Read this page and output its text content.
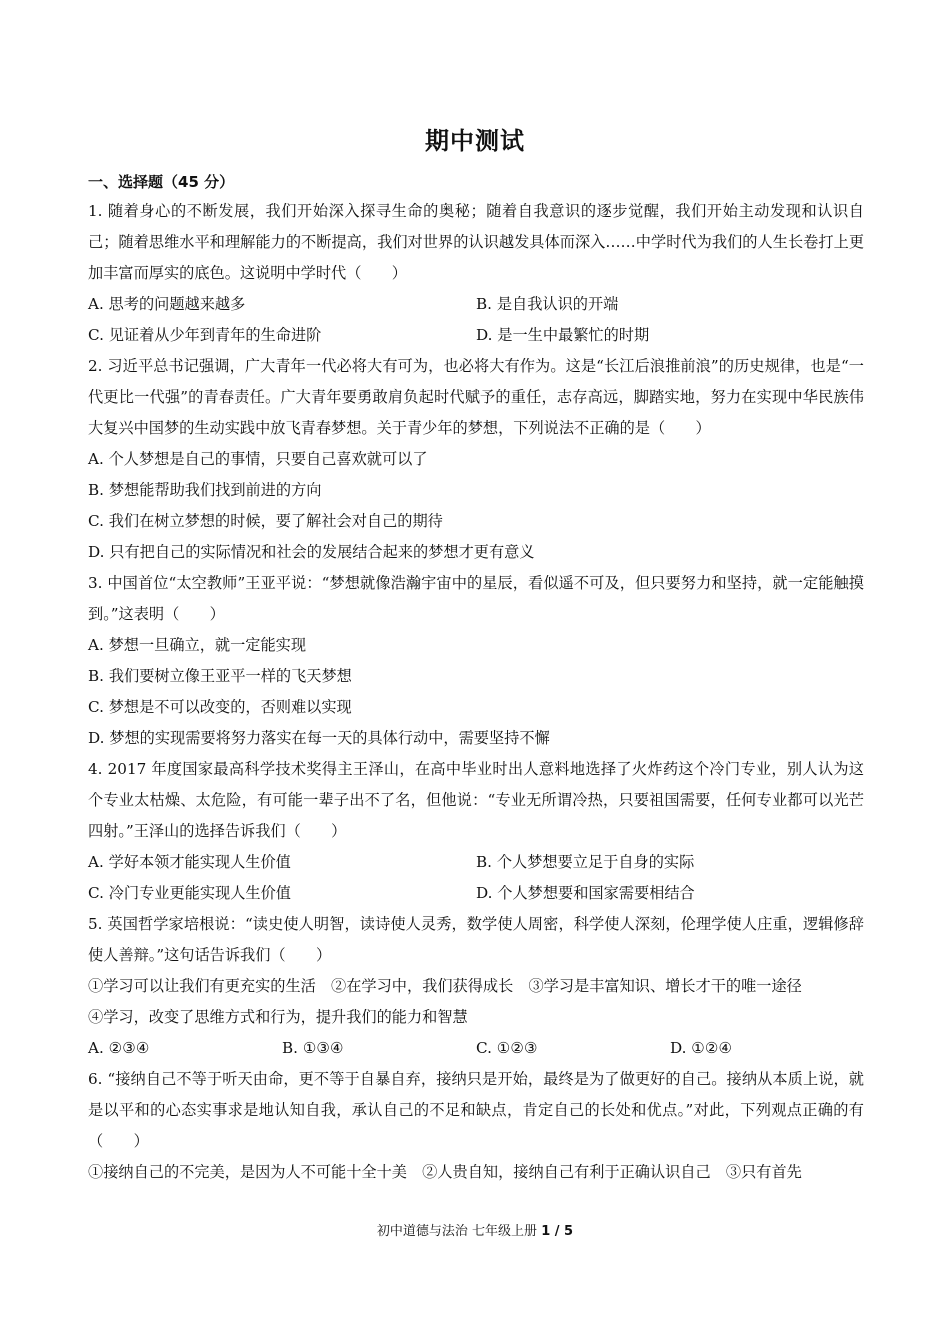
期中测试
一、选择题（45 分）
1. 随着身心的不断发展，我们开始深入探寻生命的奥秘；随着自我意识的逐步觉醒，我们开始主动发现和认识自己；随着思维水平和理解能力的不断提高，我们对世界的认识越发具体而深入……中学时代为我们的人生长卷打上更加丰富而厚实的底色。这说明中学时代（　　）
A. 思考的问题越来越多	B. 是自我认识的开端
C. 见证着从少年到青年的生命进阶	D. 是一生中最繁忙的时期
2. 习近平总书记强调，广大青年一代必将大有可为，也必将大有作为。这是“长江后浪推前浪”的历史规律，也是“一代更比一代强”的青春责任。广大青年要勇敢肩负起时代赋予的重任，志存高远，脚踏实地，努力在实现中华民族伟大复兴中国梦的生动实践中放飞青春梦想。关于青少年的梦想，下列说法不正确的是（　　）
A. 个人梦想是自己的事情，只要自己喜欢就可以了
B. 梦想能帮助我们找到前进的方向
C. 我们在树立梦想的时候，要了解社会对自己的期待
D. 只有把自己的实际情况和社会的发展结合起来的梦想才更有意义
3. 中国首位“太空教师”王亚平说：“梦想就像浩瀚宇宙中的星辰，看似遥不可及，但只要努力和坚持，就一定能触摸到。”这表明（　　）
A. 梦想一旦确立，就一定能实现
B. 我们要树立像王亚平一样的飞天梦想
C. 梦想是不可以改变的，否则难以实现
D. 梦想的实现需要将努力落实在每一天的具体行动中，需要坚持不懈
4. 2017 年度国家最高科学技术奖得主王泽山，在高中毕业时出人意料地选择了火炸药这个冷门专业，别人认为这个专业太枯燥、太危险，有可能一辈子出不了名，但他说：“专业无所谓冷热，只要祖国需要，任何专业都可以光芒四射。”王泽山的选择告诉我们（　　）
A. 学好本领才能实现人生价值	B. 个人梦想要立足于自身的实际
C. 冷门专业更能实现人生价值	D. 个人梦想要和国家需要相结合
5. 英国哲学家培根说：“读史使人明智，读诗使人灵秀，数学使人周密，科学使人深刻，伦理学使人庄重，逻辑修辞使人善辩。”这句话告诉我们（　　）
①学习可以让我们有更充实的生活　②在学习中，我们获得成长　③学习是丰富知识、增长才干的唯一途径
④学习，改变了思维方式和行为，提升我们的能力和智慧
A. ②③④	B. ①③④	C. ①②③	D. ①②④
6. “接纳自己不等于听天由命，更不等于自暴自弃，接纳只是开始，最终是为了做更好的自己。接纳从本质上说，就是以平和的心态实事求是地认知自我，承认自己的不足和缺点，肯定自己的长处和优点。”对此，下列观点正确的有（　　）
①接纳自己的不完美，是因为人不可能十全十美　②人贵自知，接纳自己有利于正确认识自己　③只有首先
初中道德与法治 七年级上册 1 / 5
